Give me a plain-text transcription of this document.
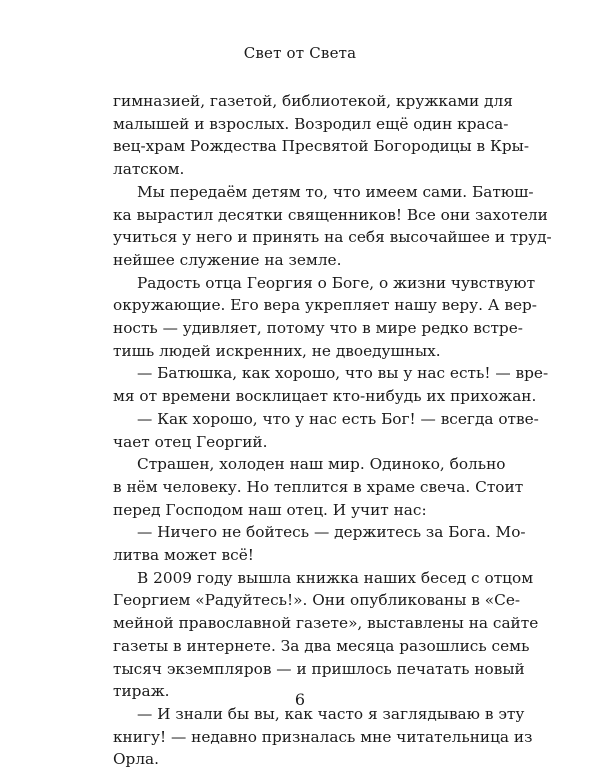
Свет от Света
гимназией, газетой, библиотекой, кружками для
малышей и взрослых. Возродил ещё один краса-
вец-храм Рождества Пресвятой Богородицы в Кры-
латском.
Мы передаём детям то, что имеем сами. Батюш-
ка вырастил десятки священников! Все они захотели
учиться у него и принять на себя высочайшее и труд-
нейшее служение на земле.
Радость отца Георгия о Боге, о жизни чувствуют
окружающие. Его вера укрепляет нашу веру. А вер-
ность — удивляет, потому что в мире редко встре-
тишь людей искренних, не двоедушных.
— Батюшка, как хорошо, что вы у нас есть! — вре-
мя от времени восклицает кто-нибудь их прихожан.
— Как хорошо, что у нас есть Бог! — всегда отве-
чает отец Георгий.
Страшен, холоден наш мир. Одиноко, больно
в нём человеку. Но теплится в храме свеча. Стоит
перед Господом наш отец. И учит нас:
— Ничего не бойтесь — держитесь за Бога. Мо-
литва может всё!
В 2009 году вышла книжка наших бесед с отцом
Георгием «Радуйтесь!». Они опубликованы в «Се-
мейной православной газете», выставлены на сайте
газеты в интернете. За два месяца разошлись семь
тысяч экземпляров — и пришлось печатать новый
тираж.
— И знали бы вы, как часто я заглядываю в эту
книгу! — недавно призналась мне читательница из
Орла.
6
